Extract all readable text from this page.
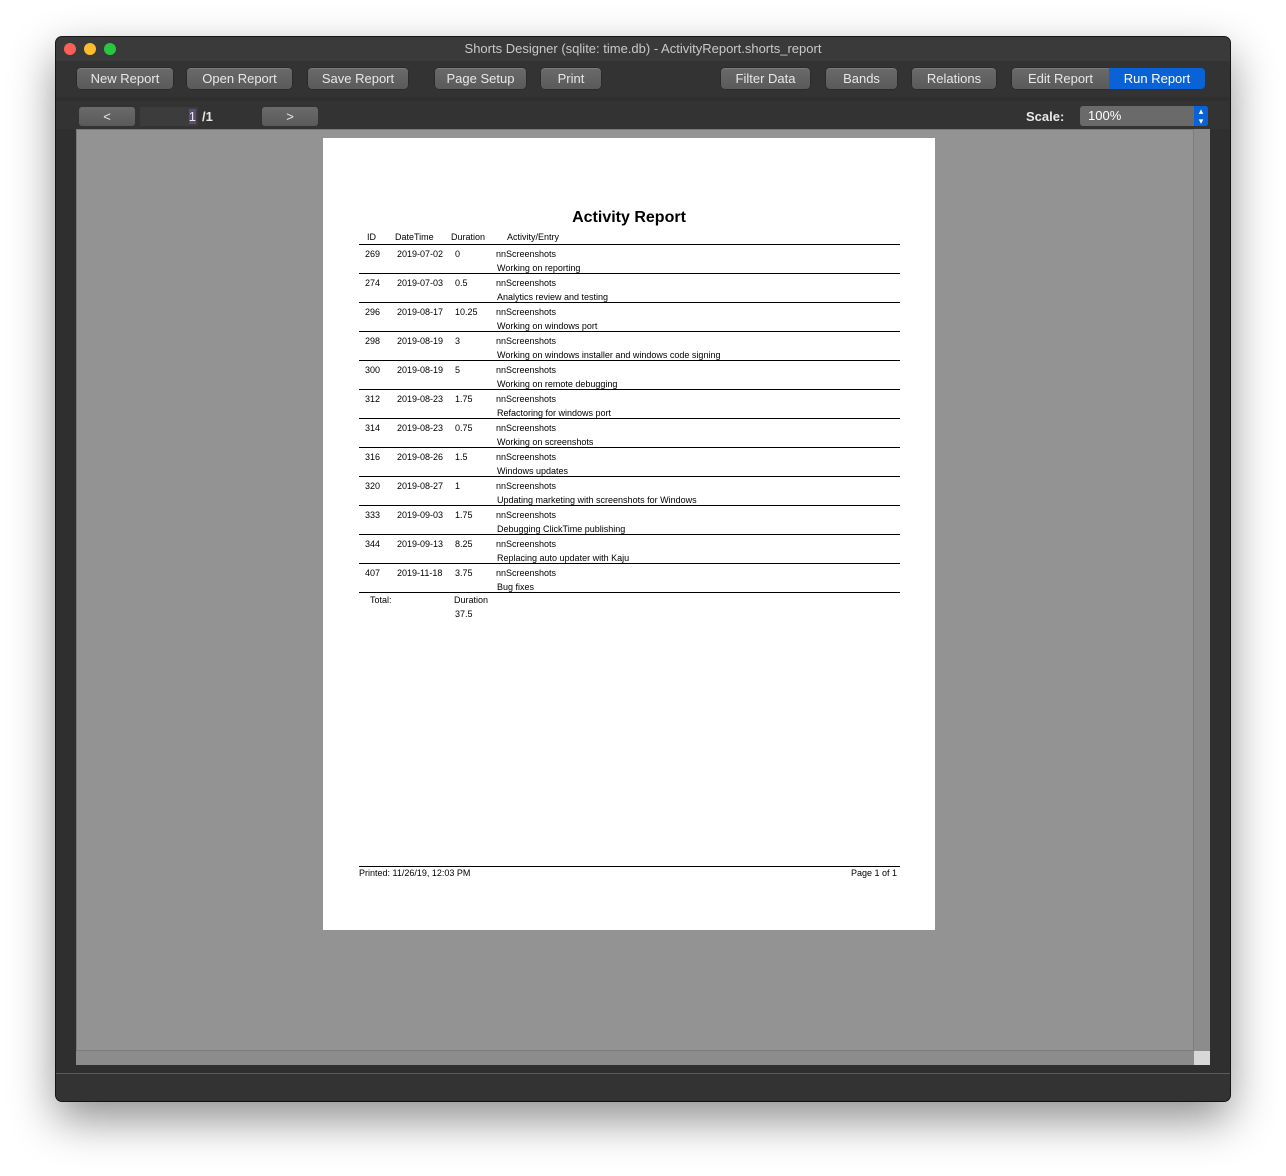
Shorts Designer (sqlite: time.db) - ActivityReport.shorts_report
New Report	Open Report	Save Report	Page Setup	Print	Filter Data	Bands	Relations	Edit Report	Run Report
<	1 /1	>	Scale:	100%	▴
▾
Activity Report
ID DateTime Duration Activity/Entry
269 2019-07-02 0	nnScreenshots
Working on reporting
274 2019-07-03 0.5	nnScreenshots
Analytics review and testing
296 2019-08-17 10.25 nnScreenshots
Working on windows port
298 2019-08-19 3	nnScreenshots
Working on windows installer and windows code signing
300 2019-08-19 5	nnScreenshots
Working on remote debugging
312 2019-08-23 1.75	nnScreenshots
Refactoring for windows port
314 2019-08-23 0.75	nnScreenshots
Working on screenshots
316 2019-08-26 1.5	nnScreenshots
Windows updates
320 2019-08-27 1	nnScreenshots
Updating marketing with screenshots for Windows
333 2019-09-03 1.75	nnScreenshots
Debugging ClickTime publishing
344 2019-09-13 8.25	nnScreenshots
Replacing auto updater with Kaju
407 2019-11-18 3.75	nnScreenshots
Bug fixes
Total:	Duration
37.5
Printed: 11/26/19, 12:03 PM	Page 1 of 1
